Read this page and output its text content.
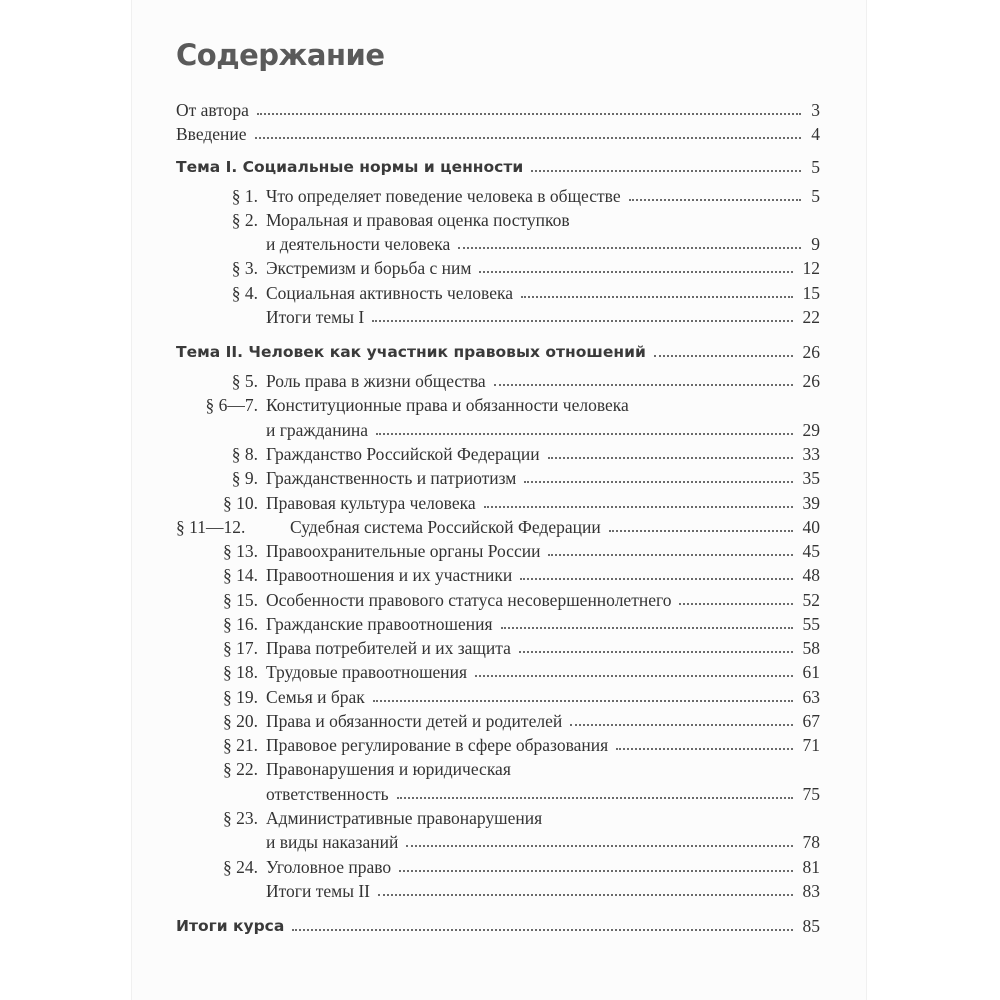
Содержание
От автора	3
Введение	4
Тема I. Социальные нормы и ценности	5
§ 1. Что определяет поведение человека в обществе	5
§ 2. Моральная и правовая оценка поступков
и деятельности человека	9
§ 3. Экстремизм и борьба с ним	12
§ 4. Социальная активность человека	15
Итоги темы I	22
Тема II. Человек как участник правовых отношений	26
§ 5. Роль права в жизни общества	26
§ 6—7. Конституционные права и обязанности человека
и гражданина	29
§ 8. Гражданство Российской Федерации	33
§ 9. Гражданственность и патриотизм	35
§ 10. Правовая культура человека	39
§ 11—12.	Судебная система Российской Федерации	40
§ 13. Правоохранительные органы России	45
§ 14. Правоотношения и их участники	48
§ 15. Особенности правового статуса несовершеннолетнего	52
§ 16. Гражданские правоотношения	55
§ 17. Права потребителей и их защита	58
§ 18. Трудовые правоотношения	61
§ 19. Семья и брак	63
§ 20. Права и обязанности детей и родителей	67
§ 21. Правовое регулирование в сфере образования	71
§ 22. Правонарушения и юридическая
ответственность	75
§ 23. Административные правонарушения
и виды наказаний	78
§ 24. Уголовное право	81
Итоги темы II	83
Итоги курса	85
